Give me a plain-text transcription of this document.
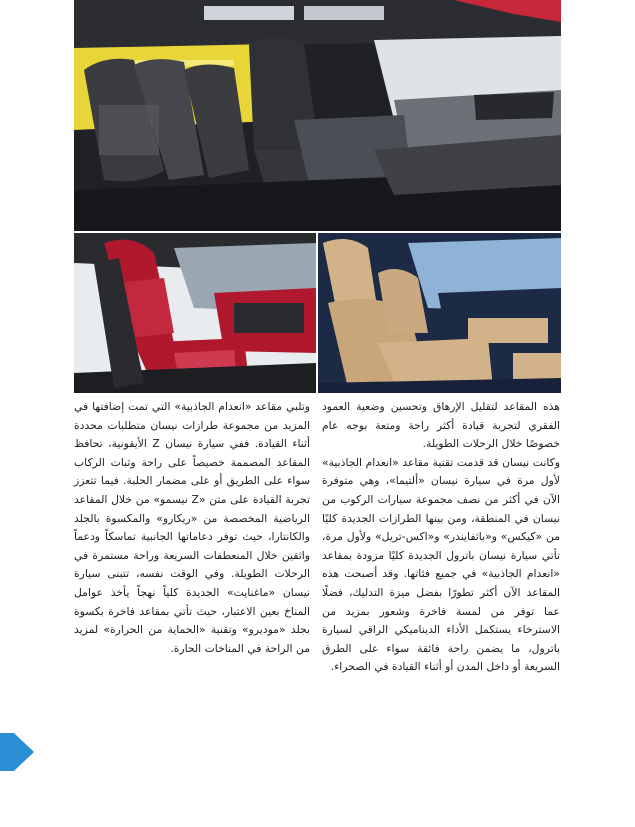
هذه المقاعد لتقليل الإرهاق وتحسين وضعية العمود الفقري لتجربة قيادة أكثر راحة ومتعة بوجه عام خصوصًا خلال الرحلات الطويلة.

وكانت نيسان قد قدمت تقنية مقاعد «انعدام الجاذبية» لأول مرة في سيارة نيسان «ألتيما»، وهي متوفرة الآن في أكثر من نصف مجموعة سيارات الركوب من نيسان في المنطقة، ومن بينها الطرازات الجديدة كليًا من «كيكس» و«باثفايندر» و«اكس-تريل» ولأول مرة، تأتي سيارة نيسان باترول الجديدة كليًا مزودة بمقاعد «انعدام الجاذبية» في جميع فئاتها. وقد أصبحت هذه المقاعد الآن أكثر تطورًا بفضل ميزة التدليك، فضلًا عما توفر من لمسة فاخرة وشعور بمزيد من الاسترخاء يستكمل الأداء الديناميكي الراقي لسيارة باترول، ما يضمن راحة فائقة سواء على الطرق السريعة أو داخل المدن أو أثناء القيادة في الصحراء.

وتلبي مقاعد «انعدام الجاذبية» التي تمت إضافتها في المزيد من مجموعة طرازات نيسان متطلبات محددة أثناء القيادة. ففي سيارة نيسان Z الأيقونية، تحافظ المقاعد المصممة خصيصاً على راحة وثبات الركاب سواء على الطريق أو على مضمار الحلبة. فيما تتعزز تجربة القيادة على متن «Z نيسمو» من خلال المقاعد الرياضية المخصصة من «ريكارو» والمكسوة بالجلد والكانتارا، حيث توفر دعاماتها الجانبية تماسكاً ودعماً واثقين خلال المنعطفات السريعة وراحة مستمرة في الرحلات الطويلة. وفي الوقت نفسه، تتبنى سيارة نيسان «ماغنايت» الجديدة كلياً نهجاً يأخذ عوامل المناخ بعين الاعتبار، حيث تأتي بمقاعد فاخرة بكسوة بجلد «موديرو» وتقنية «الحماية من الحرارة» لمزيد من الراحة في المناخات الحارة.
